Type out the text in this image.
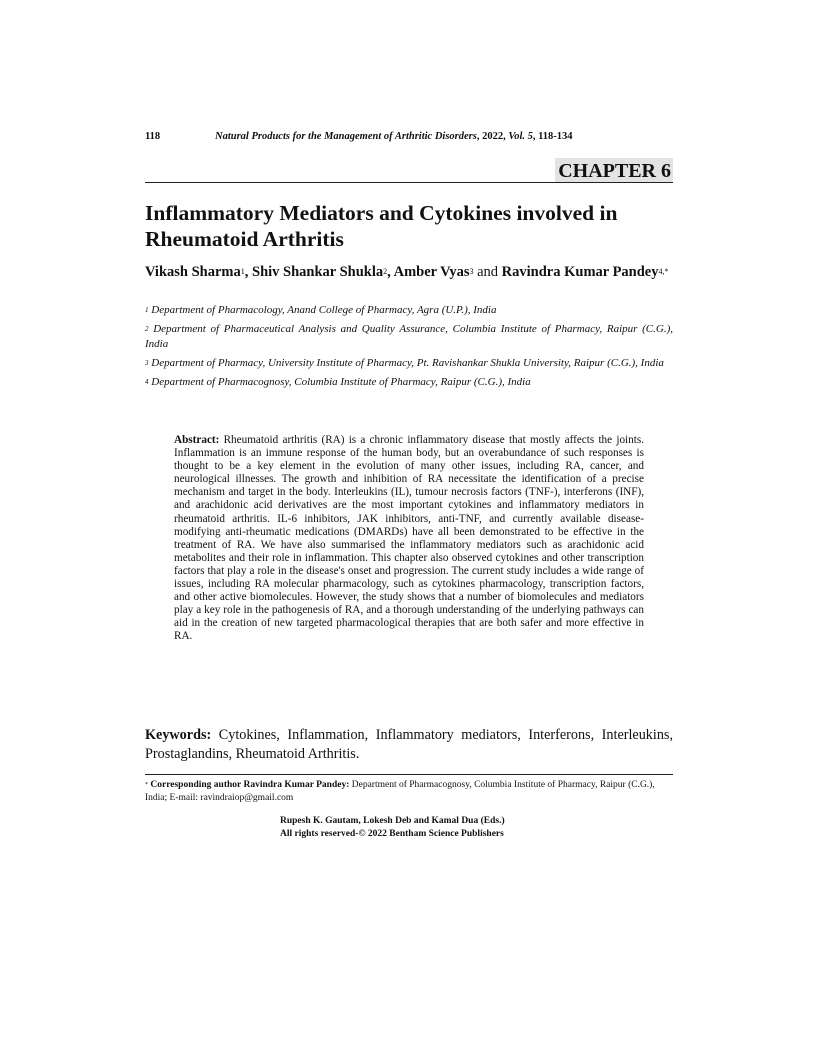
118	Natural Products for the Management of Arthritic Disorders, 2022, Vol. 5, 118-134
CHAPTER 6
Inflammatory Mediators and Cytokines involved in Rheumatoid Arthritis
Vikash Sharma$^1$, Shiv Shankar Shukla$^2$, Amber Vyas$^3$ and Ravindra Kumar Pandey$^{4,*}$
$^1$ Department of Pharmacology, Anand College of Pharmacy, Agra (U.P.), India
$^2$ Department of Pharmaceutical Analysis and Quality Assurance, Columbia Institute of Pharmacy, Raipur (C.G.), India
$^3$ Department of Pharmacy, University Institute of Pharmacy, Pt. Ravishankar Shukla University, Raipur (C.G.), India
$^4$ Department of Pharmacognosy, Columbia Institute of Pharmacy, Raipur (C.G.), India
Abstract: Rheumatoid arthritis (RA) is a chronic inflammatory disease that mostly affects the joints. Inflammation is an immune response of the human body, but an overabundance of such responses is thought to be a key element in the evolution of many other issues, including RA, cancer, and neurological illnesses. The growth and inhibition of RA necessitate the identification of a precise mechanism and target in the body. Interleukins (IL), tumour necrosis factors (TNF-), interferons (INF), and arachidonic acid derivatives are the most important cytokines and inflammatory mediators in rheumatoid arthritis. IL-6 inhibitors, JAK inhibitors, anti-TNF, and currently available disease-modifying anti-rheumatic medications (DMARDs) have all been demonstrated to be effective in the treatment of RA. We have also summarised the inflammatory mediators such as arachidonic acid metabolites and their role in inflammation. This chapter also observed cytokines and other transcription factors that play a role in the disease's onset and progression. The current study includes a wide range of issues, including RA molecular pharmacology, such as cytokines pharmacology, transcription factors, and other active biomolecules. However, the study shows that a number of biomolecules and mediators play a key role in the pathogenesis of RA, and a thorough understanding of the underlying pathways can aid in the creation of new targeted pharmacological therapies that are both safer and more effective in RA.
Keywords: Cytokines, Inflammation, Inflammatory mediators, Interferons, Interleukins, Prostaglandins, Rheumatoid Arthritis.
* Corresponding author Ravindra Kumar Pandey: Department of Pharmacognosy, Columbia Institute of Pharmacy, Raipur (C.G.), India; E-mail: ravindraiop@gmail.com
Rupesh K. Gautam, Lokesh Deb and Kamal Dua (Eds.)
All rights reserved-© 2022 Bentham Science Publishers
